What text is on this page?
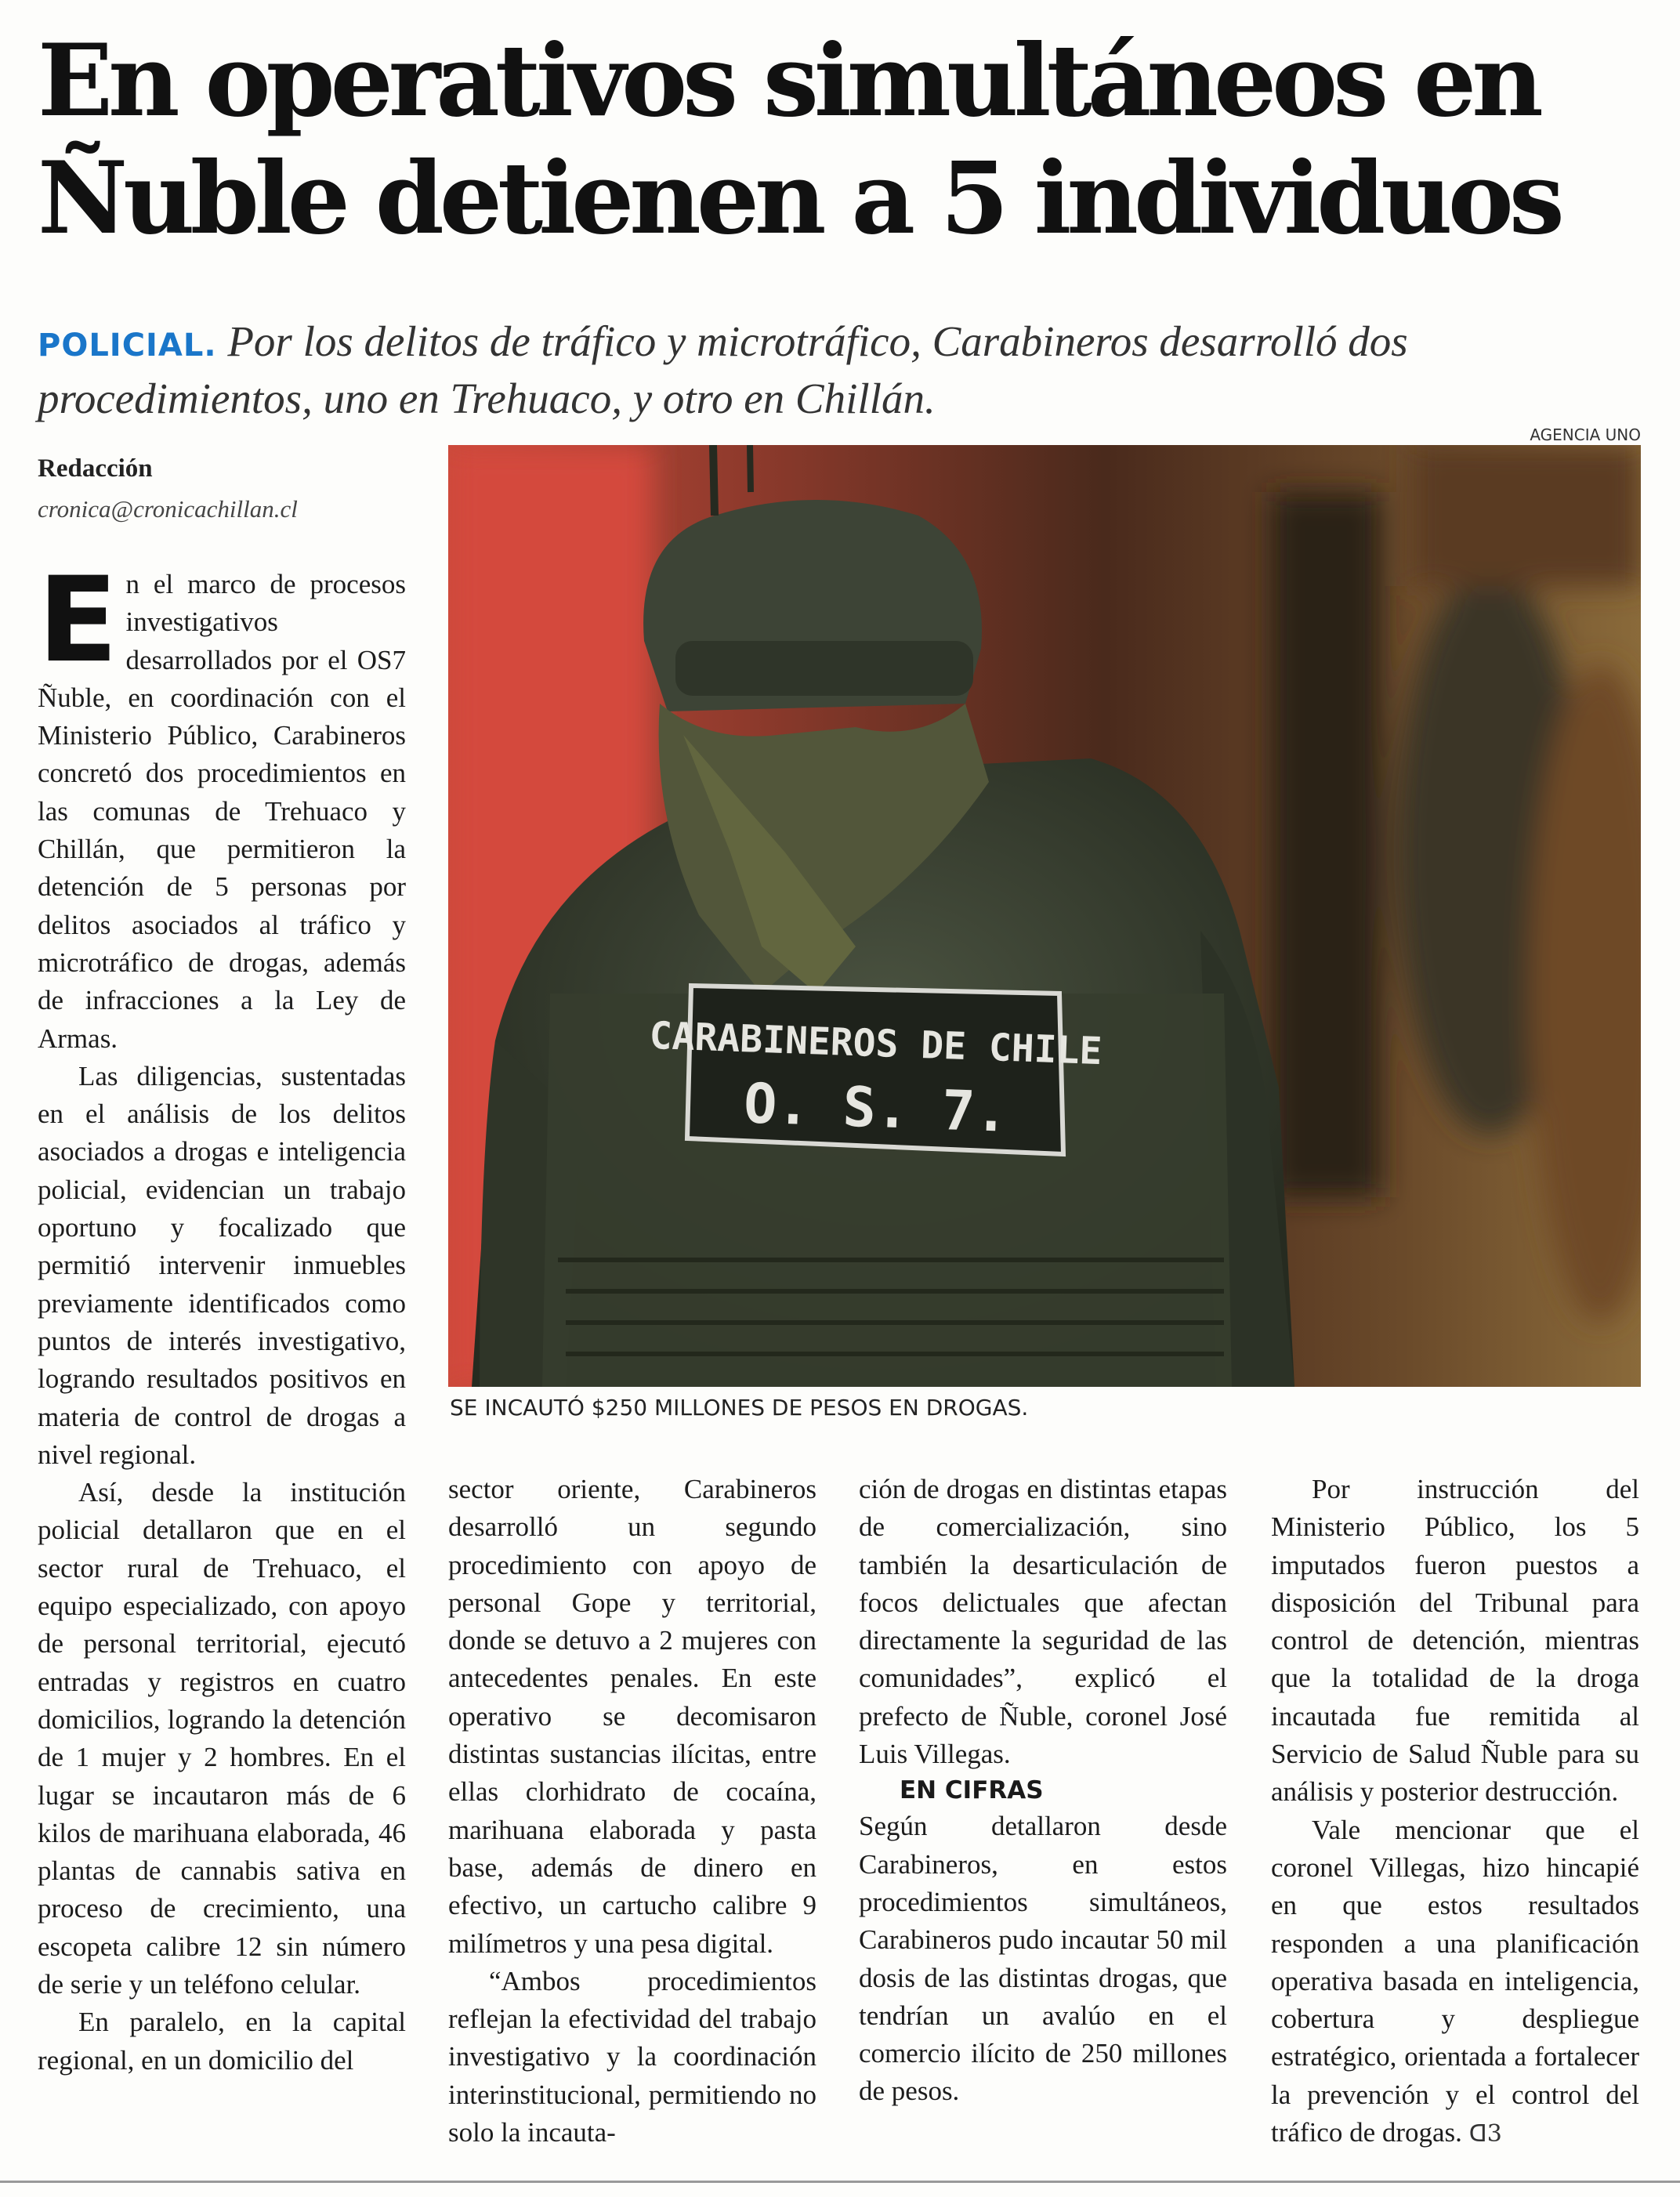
En operativos simultáneos en Ñuble detienen a 5 individuos

POLICIAL. Por los delitos de tráfico y microtráfico, Carabineros desarrolló dos procedimientos, uno en Trehuaco, y otro en Chillán.

Redacción

cronica@cronicachillan.cl

AGENCIA UNO

CARABINEROS DE CHILE
O. S. 7.

SE INCAUTÓ $250 MILLONES DE PESOS EN DROGAS.

En el marco de procesos investigativos desarrollados por el OS7 Ñuble, en coordinación con el Ministerio Público, Carabineros concretó dos procedimientos en las comunas de Trehuaco y Chillán, que permitieron la detención de 5 personas por delitos asociados al tráfico y microtráfico de drogas, además de infracciones a la Ley de Armas.

Las diligencias, sustentadas en el análisis de los delitos asociados a drogas e inteligencia policial, evidencian un trabajo oportuno y focalizado que permitió intervenir inmuebles previamente identificados como puntos de interés investigativo, logrando resultados positivos en materia de control de drogas a nivel regional.

Así, desde la institución policial detallaron que en el sector rural de Trehuaco, el equipo especializado, con apoyo de personal territorial, ejecutó entradas y registros en cuatro domicilios, logrando la detención de 1 mujer y 2 hombres. En el lugar se incautaron más de 6 kilos de marihuana elaborada, 46 plantas de cannabis sativa en proceso de crecimiento, una escopeta calibre 12 sin número de serie y un teléfono celular.

En paralelo, en la capital regional, en un domicilio del

sector oriente, Carabineros desarrolló un segundo procedimiento con apoyo de personal Gope y territorial, donde se detuvo a 2 mujeres con antecedentes penales. En este operativo se decomisaron distintas sustancias ilícitas, entre ellas clorhidrato de cocaína, marihuana elaborada y pasta base, además de dinero en efectivo, un cartucho calibre 9 milímetros y una pesa digital.

“Ambos procedimientos reflejan la efectividad del trabajo investigativo y la coordinación interinstitucional, permitiendo no solo la incauta-

ción de drogas en distintas etapas de comercialización, sino también la desarticulación de focos delictuales que afectan directamente la seguridad de las comunidades”, explicó el prefecto de Ñuble, coronel José Luis Villegas.

EN CIFRAS

Según detallaron desde Carabineros, en estos procedimientos simultáneos, Carabineros pudo incautar 50 mil dosis de las distintas drogas, que tendrían un avalúo en el comercio ilícito de 250 millones de pesos.

Por instrucción del Ministerio Público, los 5 imputados fueron puestos a disposición del Tribunal para control de detención, mientras que la totalidad de la droga incautada fue remitida al Servicio de Salud Ñuble para su análisis y posterior destrucción.

Vale mencionar que el coronel Villegas, hizo hincapié en que estos resultados responden a una planificación operativa basada en inteligencia, cobertura y despliegue estratégico, orientada a fortalecer la prevención y el control del tráfico de drogas. ᗡ3
